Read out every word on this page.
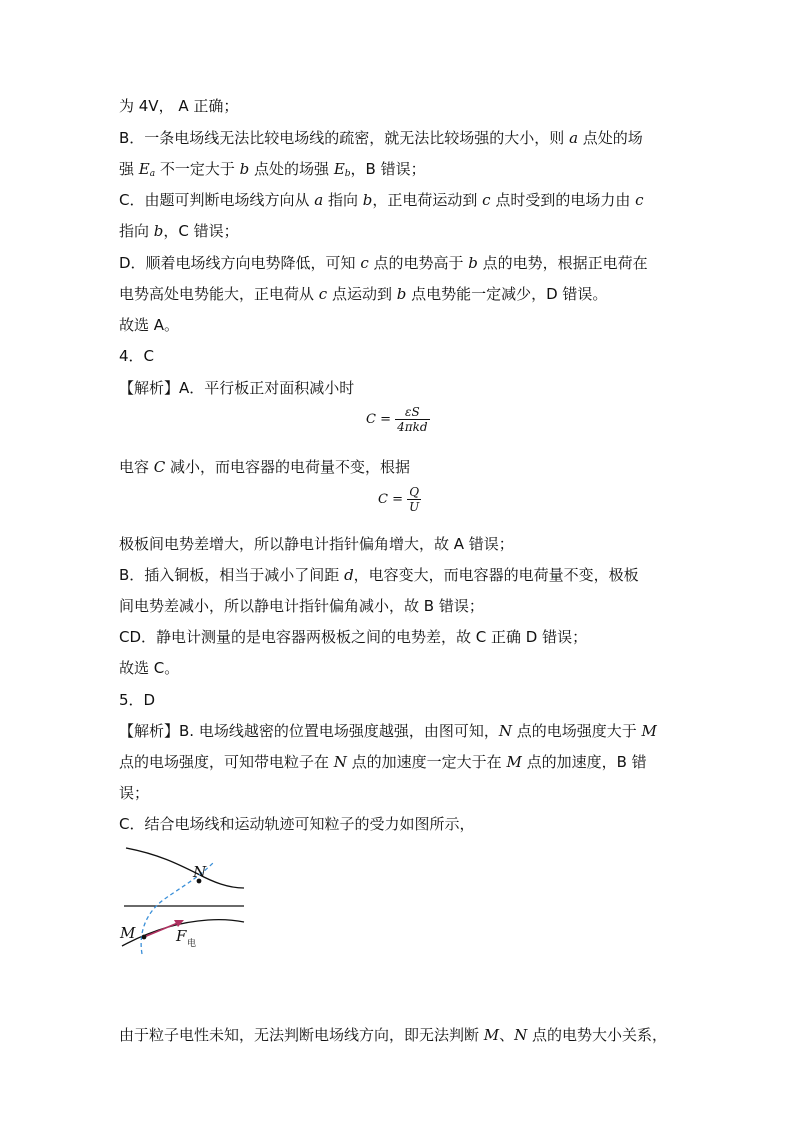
为 4V， A 正确；
B．一条电场线无法比较电场线的疏密，就无法比较场强的大小，则 a 点处的场
强 $E_a$ 不一定大于 b 点处的场强 $E_b$，B 错误；
C．由题可判断电场线方向从 a 指向 b，正电荷运动到 c 点时受到的电场力由 c
指向 b，C 错误；
D．顺着电场线方向电势降低，可知 c 点的电势高于 b 点的电势，根据正电荷在
电势高处电势能大，正电荷从 c 点运动到 b 点电势能一定减少，D 错误。
故选 A。
4．C
【解析】A．平行板正对面积减小时
$C = \frac{\varepsilon S}{\text{4πkd}}$
电容 C 减小，而电容器的电荷量不变，根据
$C = \frac{Q}{U}$
极板间电势差增大，所以静电计指针偏角增大，故 A 错误；
B．插入铜板，相当于减小了间距 d，电容变大，而电容器的电荷量不变，极板
间电势差减小，所以静电计指针偏角减小，故 B 错误；
CD．静电计测量的是电容器两极板之间的电势差，故 C 正确 D 错误；
故选 C。
5．D
【解析】B. 电场线越密的位置电场强度越强，由图可知，N 点的电场强度大于 M
点的电场强度，可知带电粒子在 N 点的加速度一定大于在 M 点的加速度，B 错
误；
C．结合电场线和运动轨迹可知粒子的受力如图所示，
N
M	F 电
由于粒子电性未知，无法判断电场线方向，即无法判断 M、N 点的电势大小关系，
